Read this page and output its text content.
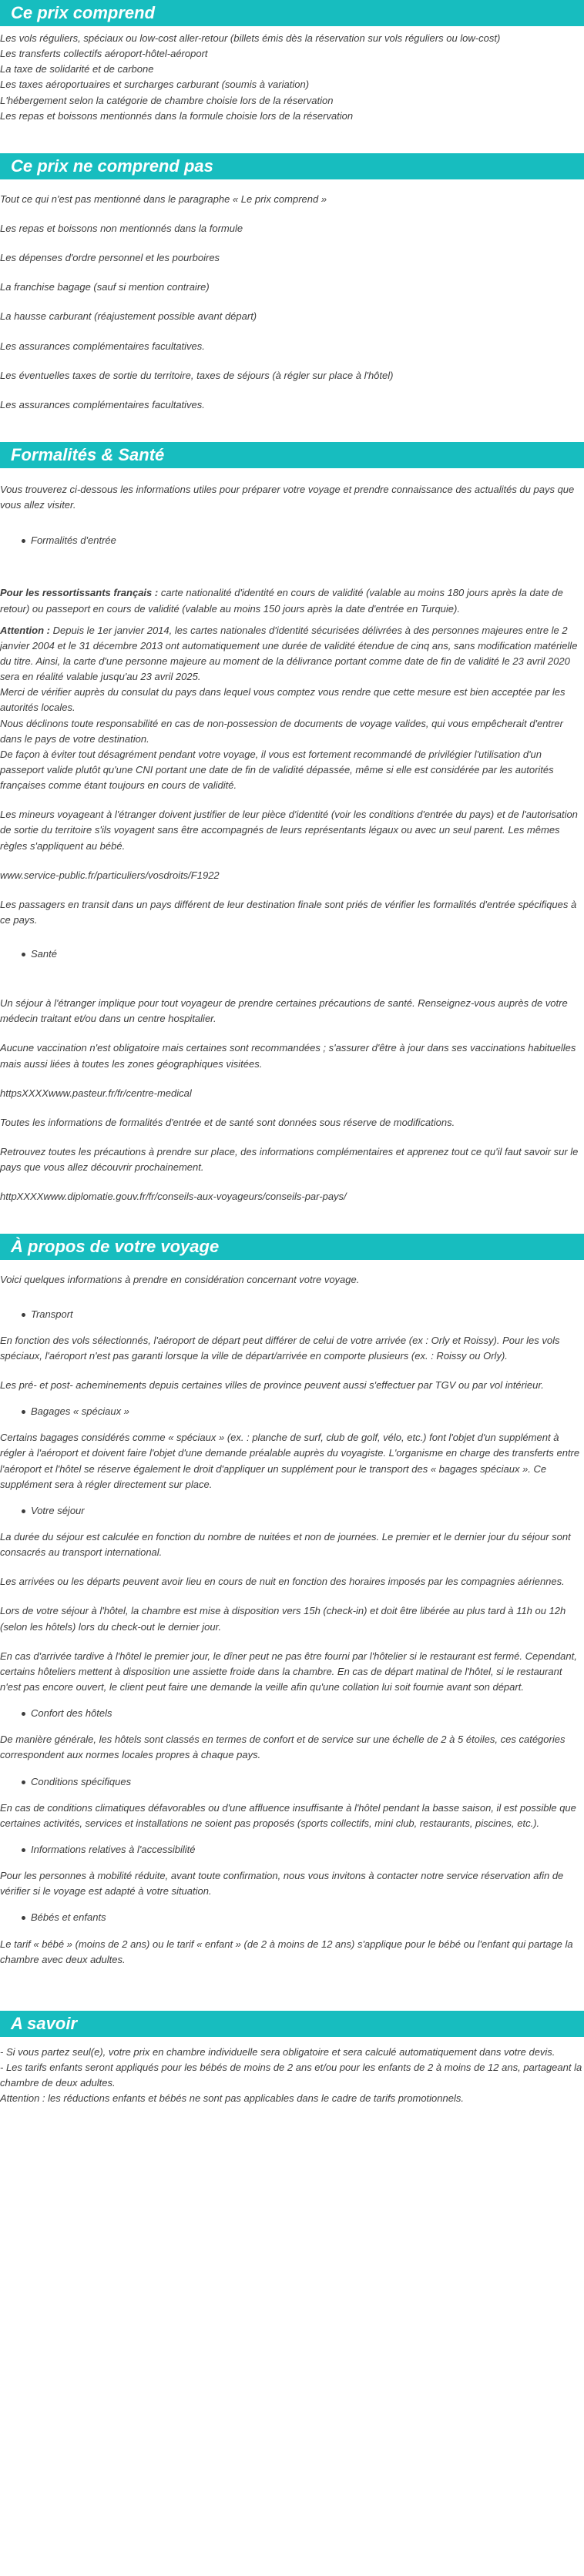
Ce prix comprend

Les vols réguliers, spéciaux ou low-cost aller-retour (billets émis dès la réservation sur vols réguliers ou low-cost)

Les transferts collectifs aéroport-hôtel-aéroport

La taxe de solidarité et de carbone

Les taxes aéroportuaires et surcharges carburant (soumis à variation)

L'hébergement selon la catégorie de chambre choisie lors de la réservation

Les repas et boissons mentionnés dans la formule choisie lors de la réservation

Ce prix ne comprend pas

Tout ce qui n'est pas mentionné dans le paragraphe « Le prix comprend »

Les repas et boissons non mentionnés dans la formule

Les dépenses d'ordre personnel et les pourboires

La franchise bagage (sauf si mention contraire)

La hausse carburant (réajustement possible avant départ)

Les assurances complémentaires facultatives.

Les éventuelles taxes de sortie du territoire, taxes de séjours (à régler sur place à l'hôtel)

Les assurances complémentaires facultatives.

Formalités & Santé

Vous trouverez ci-dessous les informations utiles pour préparer votre voyage et prendre connaissance des actualités du pays que vous allez visiter.

Formalités d'entrée

Pour les ressortissants français : carte nationalité d'identité en cours de validité (valable au moins 180 jours après la date de retour) ou passeport en cours de validité (valable au moins 150 jours après la date d'entrée en Turquie).

Attention : Depuis le 1er janvier 2014, les cartes nationales d'identité sécurisées délivrées à des personnes majeures entre le 2 janvier 2004 et le 31 décembre 2013 ont automatiquement une durée de validité étendue de cinq ans, sans modification matérielle du titre. Ainsi, la carte d'une personne majeure au moment de la délivrance portant comme date de fin de validité le 23 avril 2020 sera en réalité valable jusqu'au 23 avril 2025.

Merci de vérifier auprès du consulat du pays dans lequel vous comptez vous rendre que cette mesure est bien acceptée par les autorités locales.

Nous déclinons toute responsabilité en cas de non-possession de documents de voyage valides, qui vous empêcherait d'entrer dans le pays de votre destination.

De façon à éviter tout désagrément pendant votre voyage, il vous est fortement recommandé de privilégier l'utilisation d'un passeport valide plutôt qu'une CNI portant une date de fin de validité dépassée, même si elle est considérée par les autorités françaises comme étant toujours en cours de validité.

Les mineurs voyageant à l'étranger doivent justifier de leur pièce d'identité (voir les conditions d'entrée du pays) et de l'autorisation de sortie du territoire s'ils voyagent sans être accompagnés de leurs représentants légaux ou avec un seul parent. Les mêmes règles s'appliquent au bébé.

www.service-public.fr/particuliers/vosdroits/F1922

Les passagers en transit dans un pays différent de leur destination finale sont priés de vérifier les formalités d'entrée spécifiques à ce pays.

Santé

Un séjour à l'étranger implique pour tout voyageur de prendre certaines précautions de santé. Renseignez-vous auprès de votre médecin traitant et/ou dans un centre hospitalier.

Aucune vaccination n'est obligatoire mais certaines sont recommandées ; s'assurer d'être à jour dans ses vaccinations habituelles mais aussi liées à toutes les zones géographiques visitées.

httpsXXXXwww.pasteur.fr/fr/centre-medical

Toutes les informations de formalités d'entrée et de santé sont données sous réserve de modifications.

Retrouvez toutes les précautions à prendre sur place, des informations complémentaires et apprenez tout ce qu'il faut savoir sur le pays que vous allez découvrir prochainement.

httpXXXXwww.diplomatie.gouv.fr/fr/conseils-aux-voyageurs/conseils-par-pays/

À propos de votre voyage

Voici quelques informations à prendre en considération concernant votre voyage.

Transport

En fonction des vols sélectionnés, l'aéroport de départ peut différer de celui de votre arrivée (ex : Orly et Roissy). Pour les vols spéciaux, l'aéroport n'est pas garanti lorsque la ville de départ/arrivée en comporte plusieurs (ex. : Roissy ou Orly).

Les pré- et post- acheminements depuis certaines villes de province peuvent aussi s'effectuer par TGV ou par vol intérieur.

Bagages « spéciaux »

Certains bagages considérés comme « spéciaux » (ex. : planche de surf, club de golf, vélo, etc.) font l'objet d'un supplément à régler à l'aéroport et doivent faire l'objet d'une demande préalable auprès du voyagiste. L'organisme en charge des transferts entre l'aéroport et l'hôtel se réserve également le droit d'appliquer un supplément pour le transport des « bagages spéciaux ». Ce supplément sera à régler directement sur place.

Votre séjour

La durée du séjour est calculée en fonction du nombre de nuitées et non de journées. Le premier et le dernier jour du séjour sont consacrés au transport international.

Les arrivées ou les départs peuvent avoir lieu en cours de nuit en fonction des horaires imposés par les compagnies aériennes.

Lors de votre séjour à l'hôtel, la chambre est mise à disposition vers 15h (check-in) et doit être libérée au plus tard à 11h ou 12h (selon les hôtels) lors du check-out le dernier jour.

En cas d'arrivée tardive à l'hôtel le premier jour, le dîner peut ne pas être fourni par l'hôtelier si le restaurant est fermé. Cependant, certains hôteliers mettent à disposition une assiette froide dans la chambre. En cas de départ matinal de l'hôtel, si le restaurant n'est pas encore ouvert, le client peut faire une demande la veille afin qu'une collation lui soit fournie avant son départ.

Confort des hôtels

De manière générale, les hôtels sont classés en termes de confort et de service sur une échelle de 2 à 5 étoiles, ces catégories correspondent aux normes locales propres à chaque pays.

Conditions spécifiques

En cas de conditions climatiques défavorables ou d'une affluence insuffisante à l'hôtel pendant la basse saison, il est possible que certaines activités, services et installations ne soient pas proposés (sports collectifs, mini club, restaurants, piscines, etc.).

Informations relatives à l'accessibilité

Pour les personnes à mobilité réduite, avant toute confirmation, nous vous invitons à contacter notre service réservation afin de vérifier si le voyage est adapté à votre situation.

Bébés et enfants

Le tarif « bébé » (moins de 2 ans) ou le tarif « enfant » (de 2 à moins de 12 ans) s'applique pour le bébé ou l'enfant qui partage la chambre avec deux adultes.

A savoir

- Si vous partez seul(e), votre prix en chambre individuelle sera obligatoire et sera calculé automatiquement dans votre devis.

- Les tarifs enfants seront appliqués pour les bébés de moins de 2 ans et/ou pour les enfants de 2 à moins de 12 ans, partageant la chambre de deux adultes.

Attention : les réductions enfants et bébés ne sont pas applicables dans le cadre de tarifs promotionnels.
